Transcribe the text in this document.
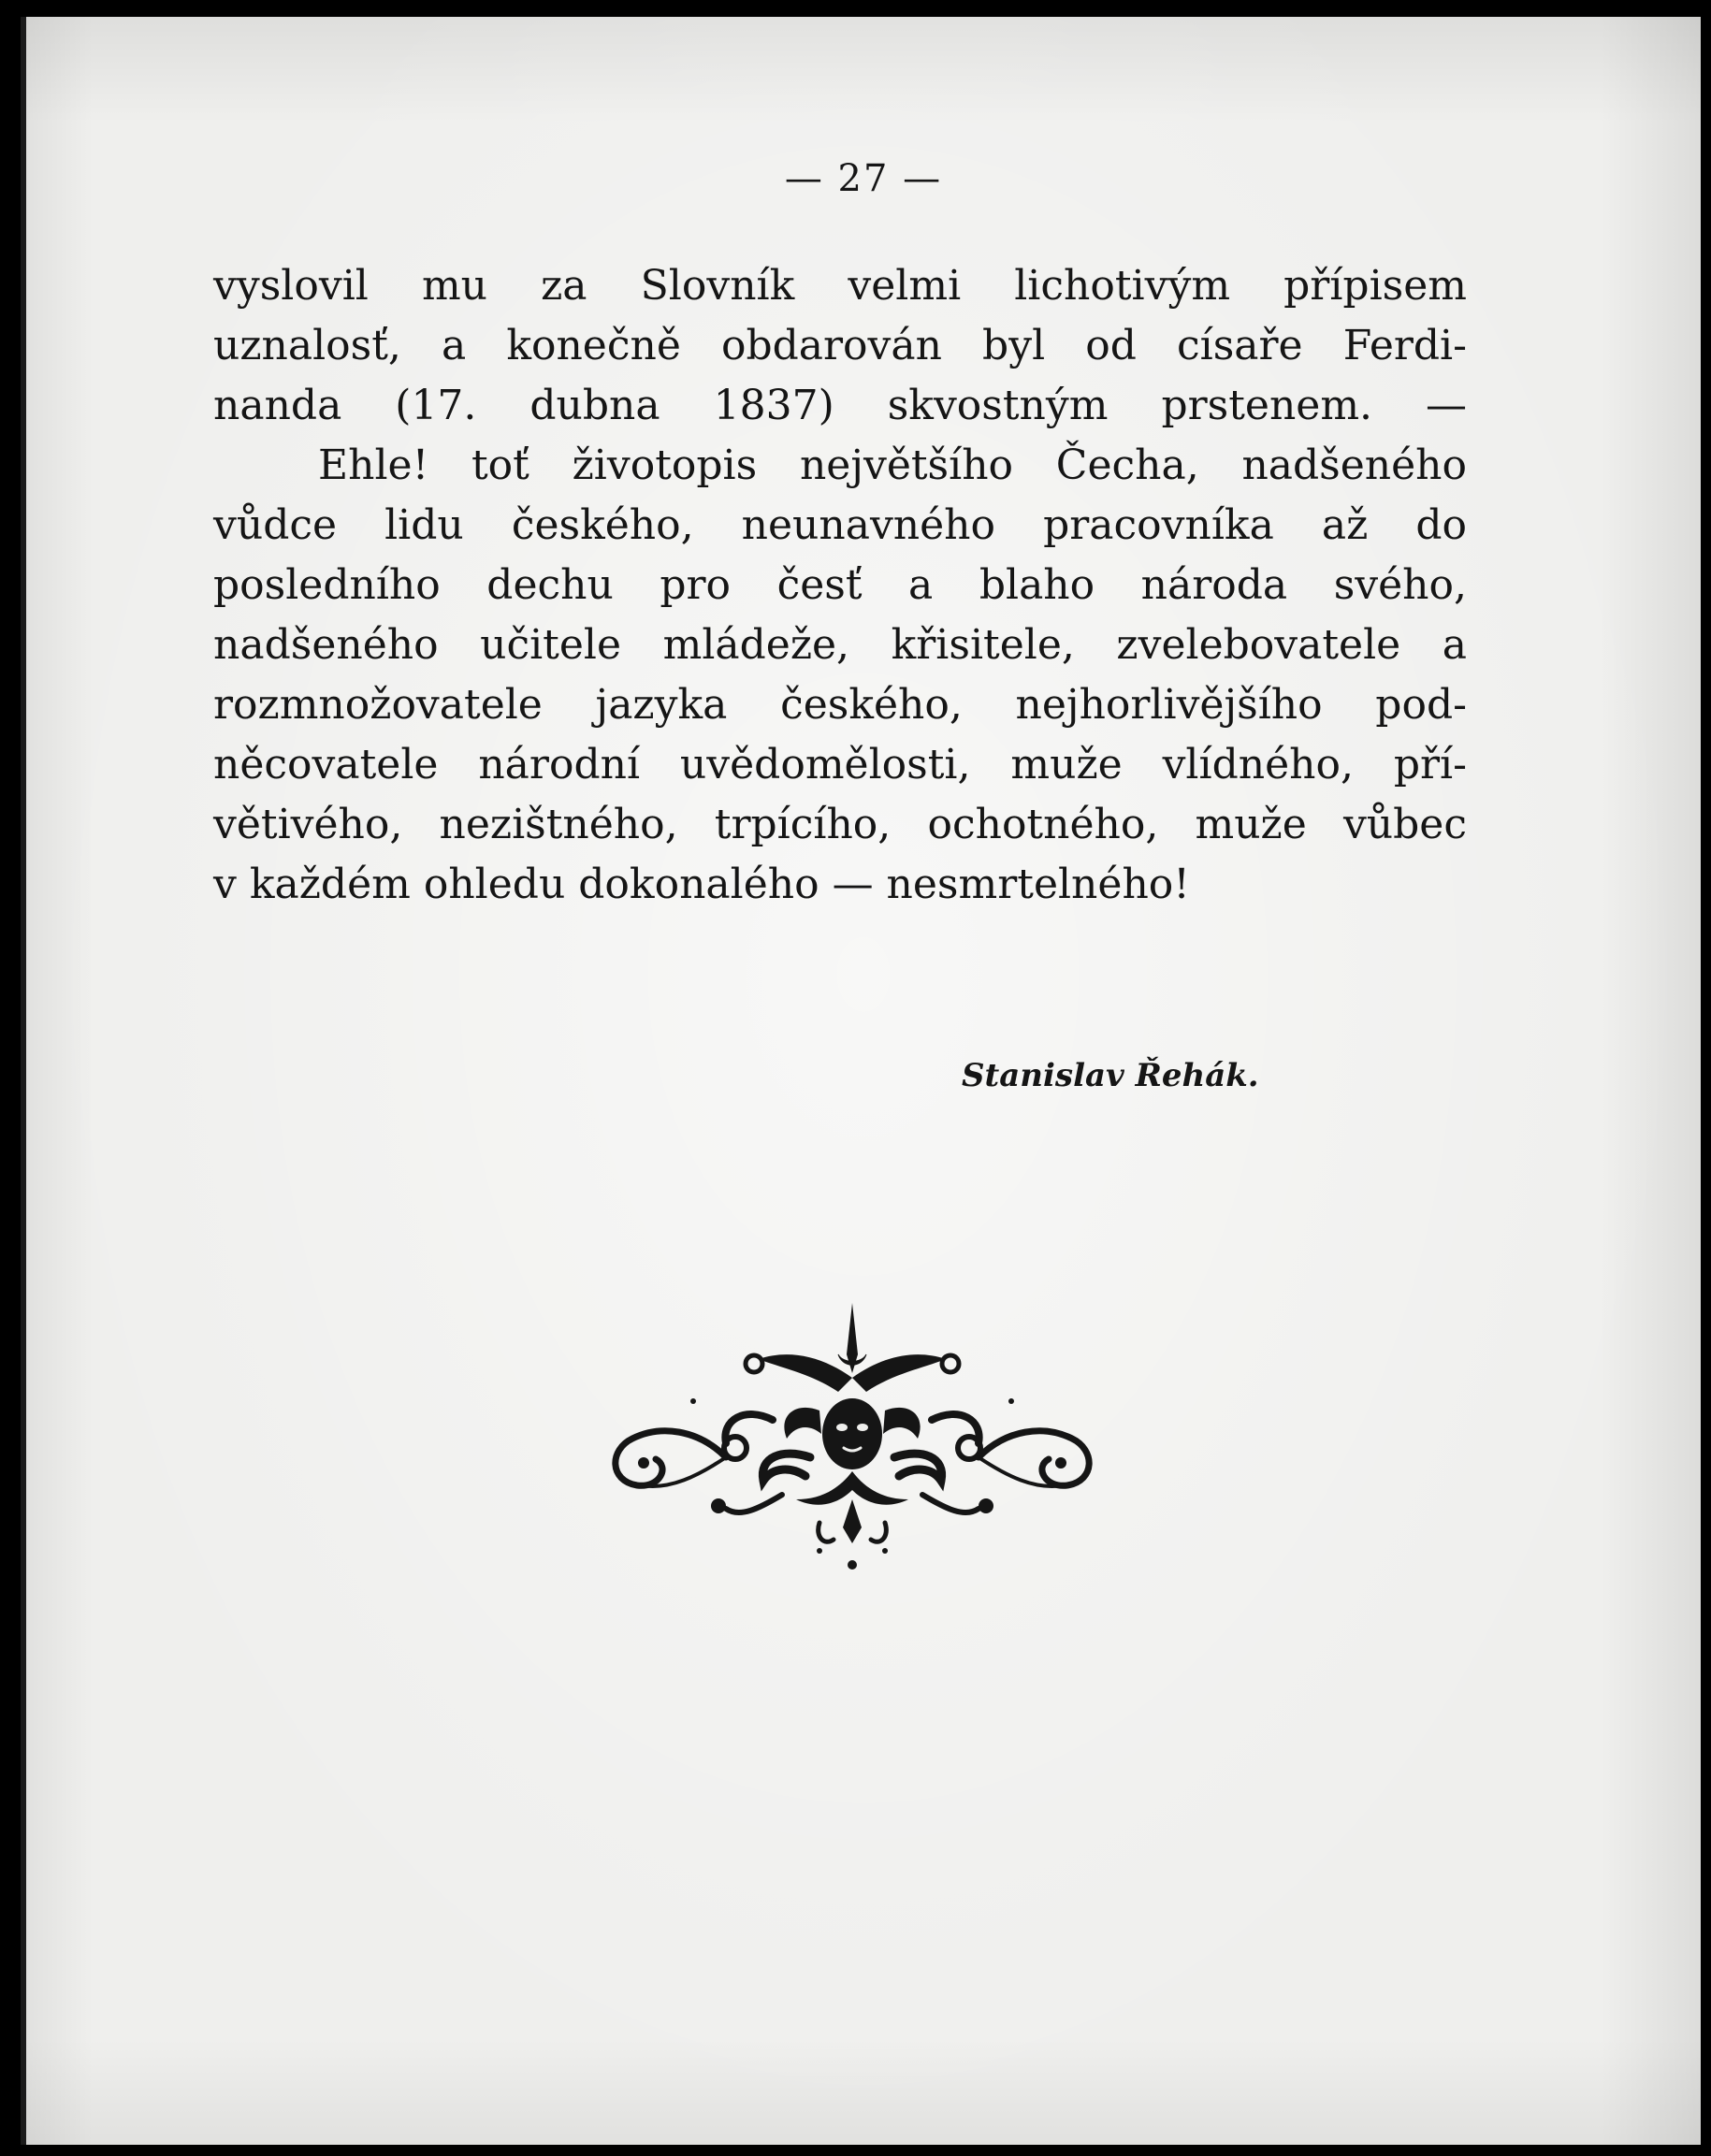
— 27 —
vyslovil mu za Slovník velmi lichotivým přípisem
uznalosť, a konečně obdarován byl od císaře Ferdi-
nanda (17. dubna 1837) skvostným prstenem. —
Ehle! toť životopis největšího Čecha, nadšeného
vůdce lidu českého, neunavného pracovníka až do
posledního dechu pro česť a blaho národa svého,
nadšeného učitele mládeže, křisitele, zvelebovatele a
rozmnožovatele jazyka českého, nejhorlivějšího pod-
něcovatele národní uvědomělosti, muže vlídného, pří-
větivého, nezištného, trpícího, ochotného, muže vůbec
v každém ohledu dokonalého — nesmrtelného!
Stanislav Řehák.
